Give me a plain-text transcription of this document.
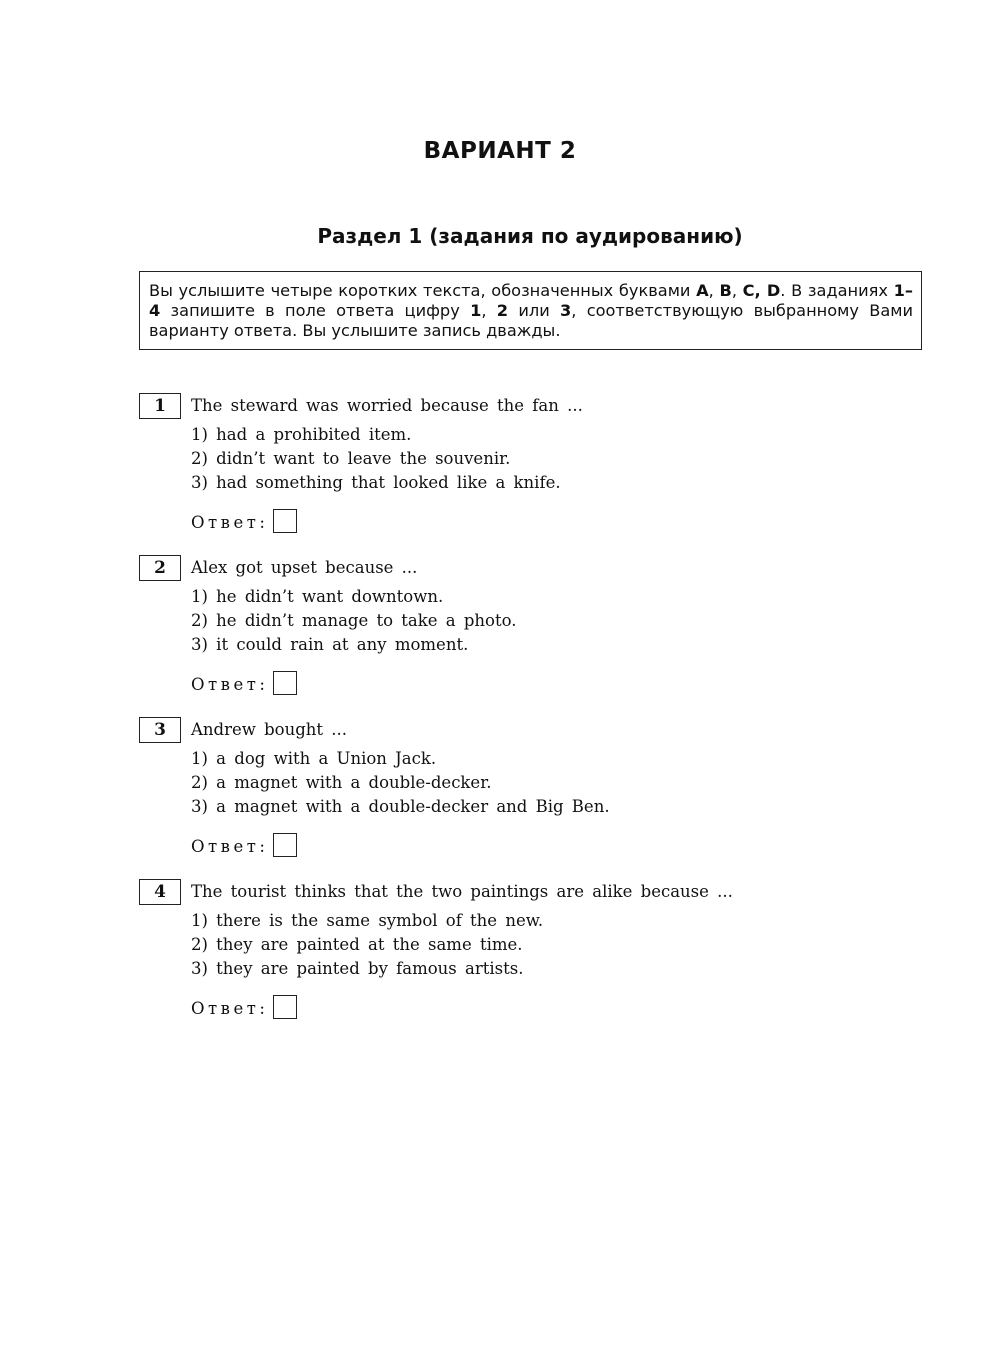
ВАРИАНТ 2
Раздел 1 (задания по аудированию)
Вы услышите четыре коротких текста, обозначенных буквами A, B, C, D. В заданиях 1–4 запишите в поле ответа цифру 1, 2 или 3, соответствующую выбранному Вами варианту ответа. Вы услышите запись дважды.
1	The steward was worried because the fan ...
1) had a prohibited item.
2) didn’t want to leave the souvenir.
3) had something that looked like a knife.
Ответ:
2	Alex got upset because ...
1) he didn’t want downtown.
2) he didn’t manage to take a photo.
3) it could rain at any moment.
Ответ:
3	Andrew bought ...
1) a dog with a Union Jack.
2) a magnet with a double-decker.
3) a magnet with a double-decker and Big Ben.
Ответ:
4	The tourist thinks that the two paintings are alike because ...
1) there is the same symbol of the new.
2) they are painted at the same time.
3) they are painted by famous artists.
Ответ:
